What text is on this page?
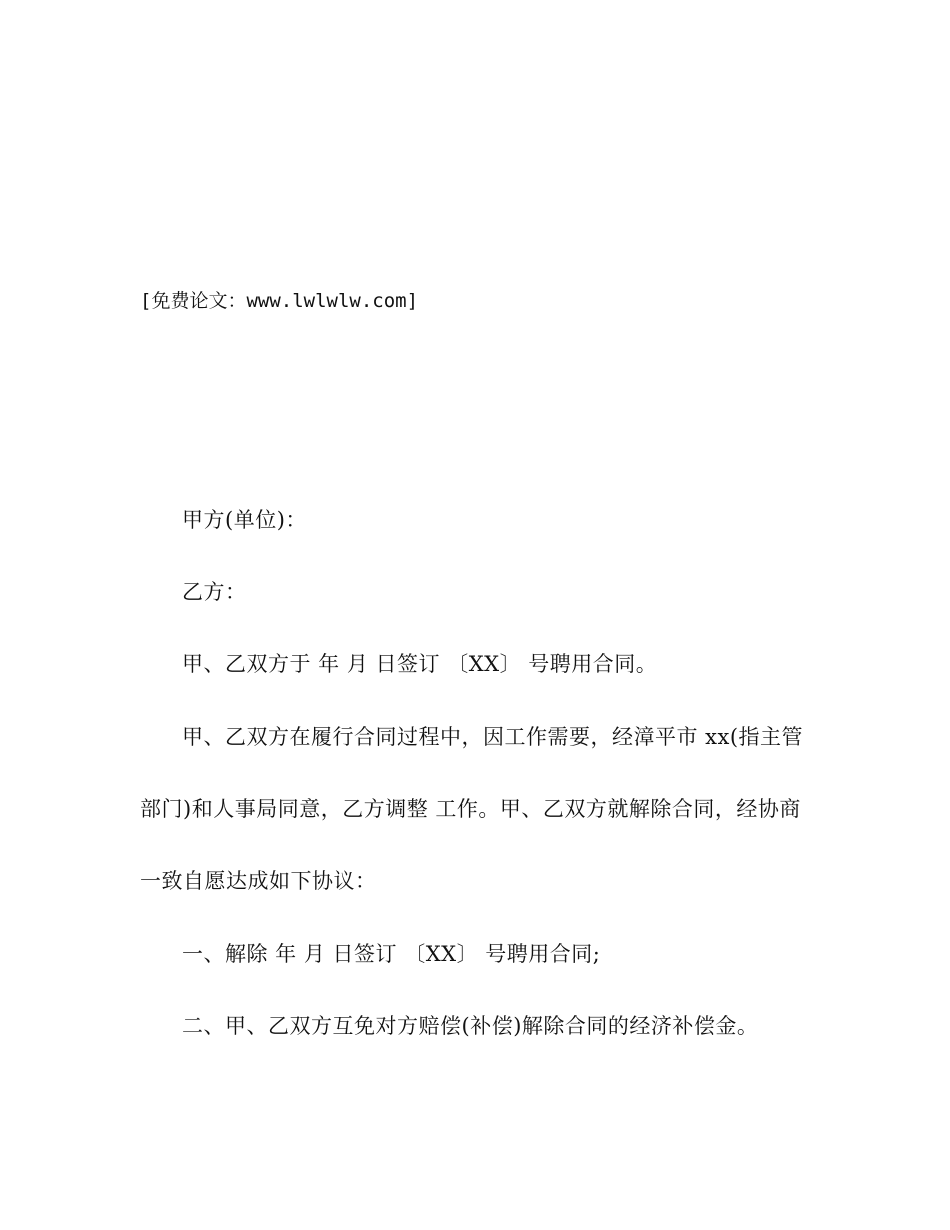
[免费论文：www.lwlwlw.com]
甲方(单位)：
乙方：
甲、乙双方于 年 月 日签订 〔XX〕 号聘用合同。
甲、乙双方在履行合同过程中，因工作需要，经漳平市 xx(指主管
部门)和人事局同意，乙方调整 工作。甲、乙双方就解除合同，经协商
一致自愿达成如下协议：
一、解除 年 月 日签订 〔XX〕 号聘用合同;
二、甲、乙双方互免对方赔偿(补偿)解除合同的经济补偿金。
